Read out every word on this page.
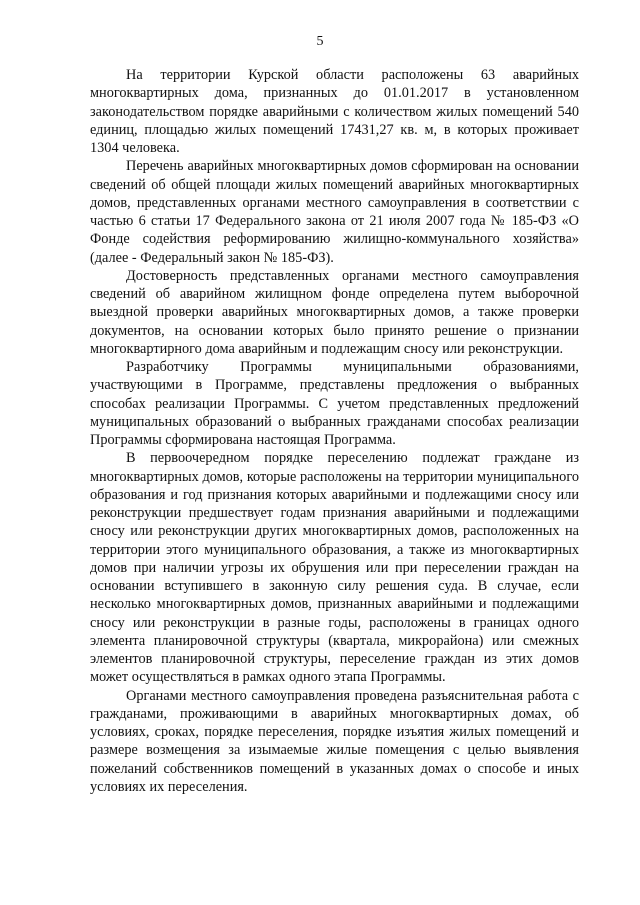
5

На территории Курской области расположены 63 аварийных многоквартирных дома, признанных до 01.01.2017 в установленном законодательством порядке аварийными с количеством жилых помещений 540 единиц, площадью жилых помещений 17431,27 кв. м, в которых проживает 1304 человека.

Перечень аварийных многоквартирных домов сформирован на основании сведений об общей площади жилых помещений аварийных многоквартирных домов, представленных органами местного самоуправления в соответствии с частью 6 статьи 17 Федерального закона от 21 июля 2007 года № 185-ФЗ «О Фонде содействия реформированию жилищно-коммунального хозяйства» (далее - Федеральный закон № 185-ФЗ).

Достоверность представленных органами местного самоуправления сведений об аварийном жилищном фонде определена путем выборочной выездной проверки аварийных многоквартирных домов, а также проверки документов, на основании которых было принято решение о признании многоквартирного дома аварийным и подлежащим сносу или реконструкции.

Разработчику Программы муниципальными образованиями, участвующими в Программе, представлены предложения о выбранных способах реализации Программы. С учетом представленных предложений муниципальных образований о выбранных гражданами способах реализации Программы сформирована настоящая Программа.

В первоочередном порядке переселению подлежат граждане из многоквартирных домов, которые расположены на территории муниципального образования и год признания которых аварийными и подлежащими сносу или реконструкции предшествует годам признания аварийными и подлежащими сносу или реконструкции других многоквартирных домов, расположенных на территории этого муниципального образования, а также из многоквартирных домов при наличии угрозы их обрушения или при переселении граждан на основании вступившего в законную силу решения суда. В случае, если несколько многоквартирных домов, признанных аварийными и подлежащими сносу или реконструкции в разные годы, расположены в границах одного элемента планировочной структуры (квартала, микрорайона) или смежных элементов планировочной структуры, переселение граждан из этих домов может осуществляться в рамках одного этапа Программы.

Органами местного самоуправления проведена разъяснительная работа с гражданами, проживающими в аварийных многоквартирных домах, об условиях, сроках, порядке переселения, порядке изъятия жилых помещений и размере возмещения за изымаемые жилые помещения с целью выявления пожеланий собственников помещений в указанных домах о способе и иных условиях их переселения.
